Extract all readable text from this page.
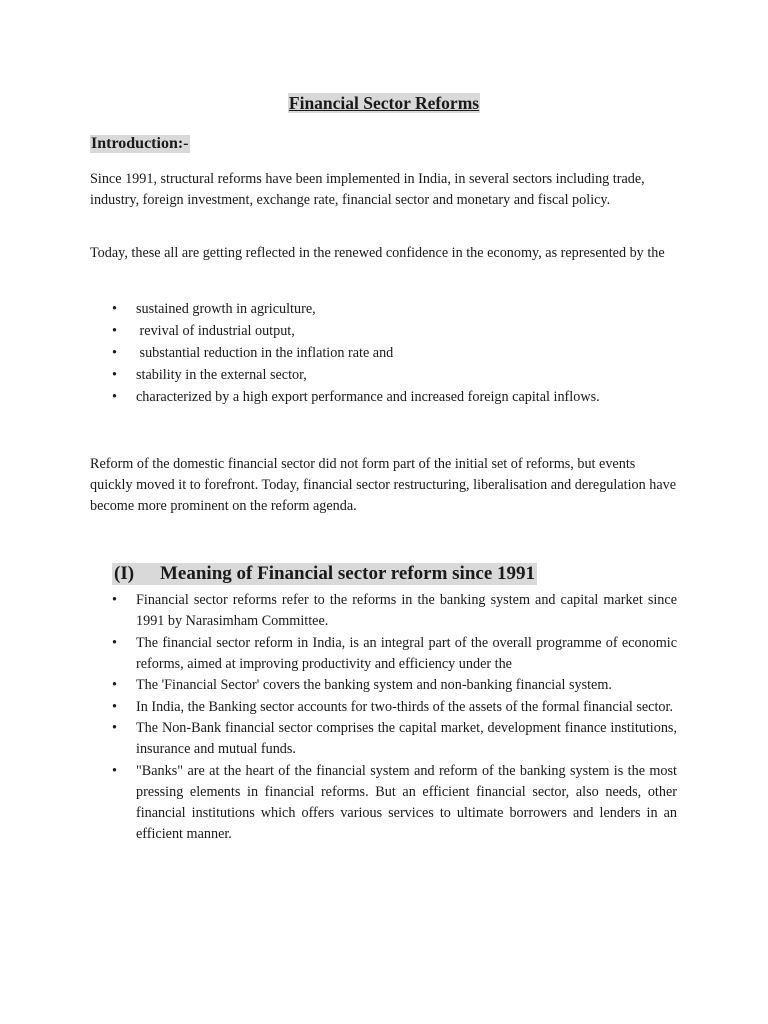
Financial Sector Reforms
Introduction:-

Since 1991, structural reforms have been implemented in India, in several sectors including trade, industry, foreign investment, exchange rate, financial sector and monetary and fiscal policy.

Today, these all are getting reflected in the renewed confidence in the economy, as represented by the

• sustained growth in agriculture,
• revival of industrial output,
• substantial reduction in the inflation rate and
• stability in the external sector,
• characterized by a high export performance and increased foreign capital inflows.

Reform of the domestic financial sector did not form part of the initial set of reforms, but events quickly moved it to forefront. Today, financial sector restructuring, liberalisation and deregulation have become more prominent on the reform agenda.

(I) Meaning of Financial sector reform since 1991
• Financial sector reforms refer to the reforms in the banking system and capital market since 1991 by Narasimham Committee.
• The financial sector reform in India, is an integral part of the overall programme of economic reforms, aimed at improving productivity and efficiency under the
• The 'Financial Sector' covers the banking system and non-banking financial system.
• In India, the Banking sector accounts for two-thirds of the assets of the formal financial sector.
• The Non-Bank financial sector comprises the capital market, development finance institutions, insurance and mutual funds.
• "Banks" are at the heart of the financial system and reform of the banking system is the most pressing elements in financial reforms. But an efficient financial sector, also needs, other financial institutions which offers various services to ultimate borrowers and lenders in an efficient manner.
